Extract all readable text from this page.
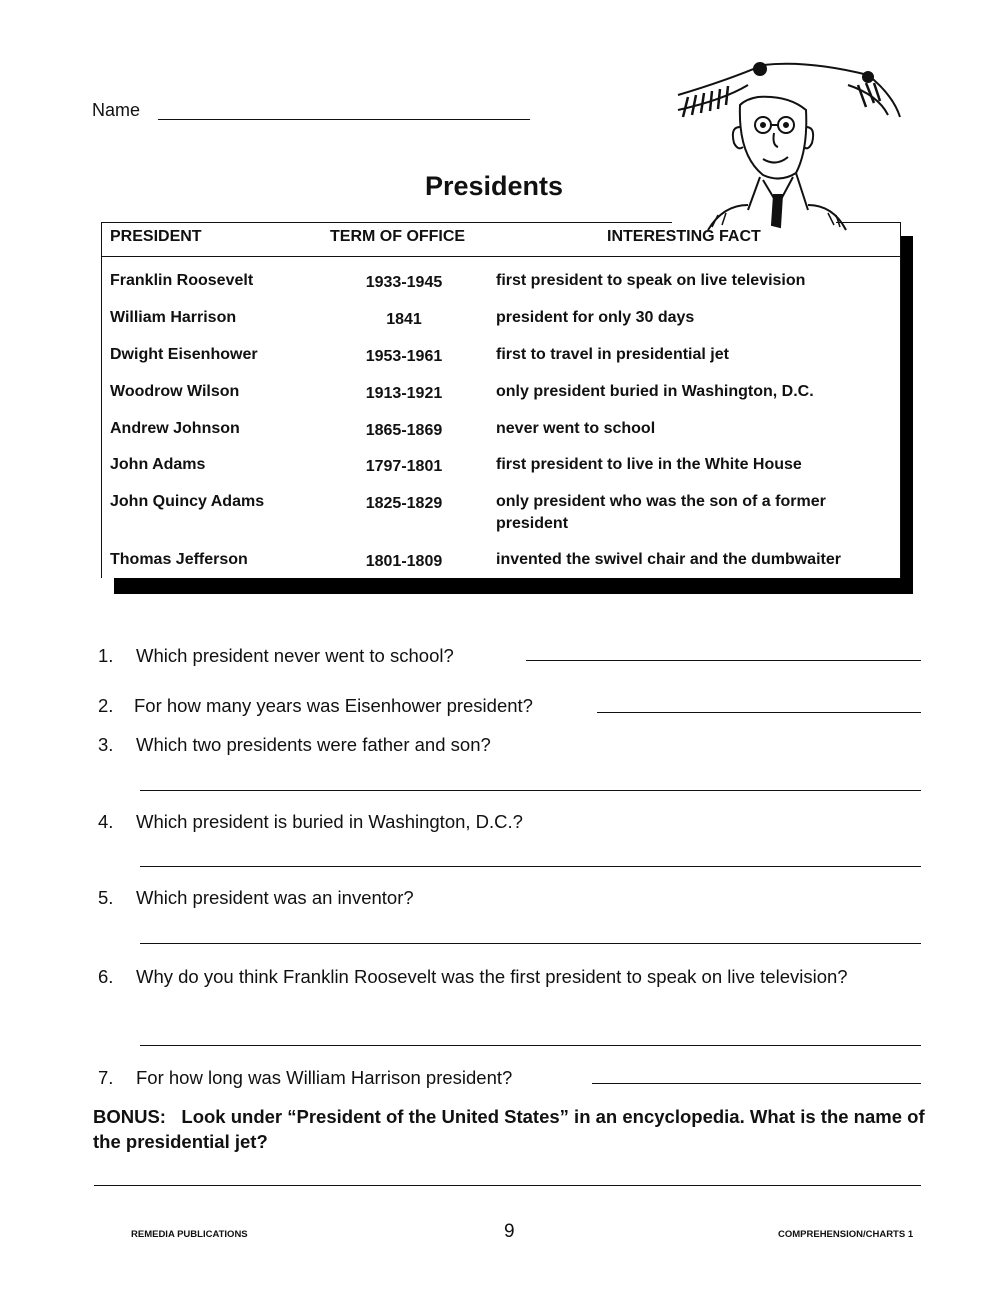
Name
Presidents
PRESIDENT	TERM OF OFFICE	INTERESTING FACT
Franklin Roosevelt	1933-1945	first president to speak on live television
William Harrison	1841	president for only 30 days
Dwight Eisenhower	1953-1961	first to travel in presidential jet
Woodrow Wilson	1913-1921	only president buried in Washington, D.C.
Andrew Johnson	1865-1869	never went to school
John Adams	1797-1801	first president to live in the White House
John Quincy Adams	1825-1829	only president who was the son of a former president
Thomas Jefferson	1801-1809	invented the swivel chair and the dumbwaiter
1. Which president never went to school?
2. For how many years was Eisenhower president?
3. Which two presidents were father and son?
4. Which president is buried in Washington, D.C.?
5. Which president was an inventor?
6. Why do you think Franklin Roosevelt was the first president to speak on live television?
7. For how long was William Harrison president?
BONUS: Look under “President of the United States” in an encyclopedia. What is the name of the presidential jet?
REMEDIA PUBLICATIONS	9	COMPREHENSION/CHARTS 1
